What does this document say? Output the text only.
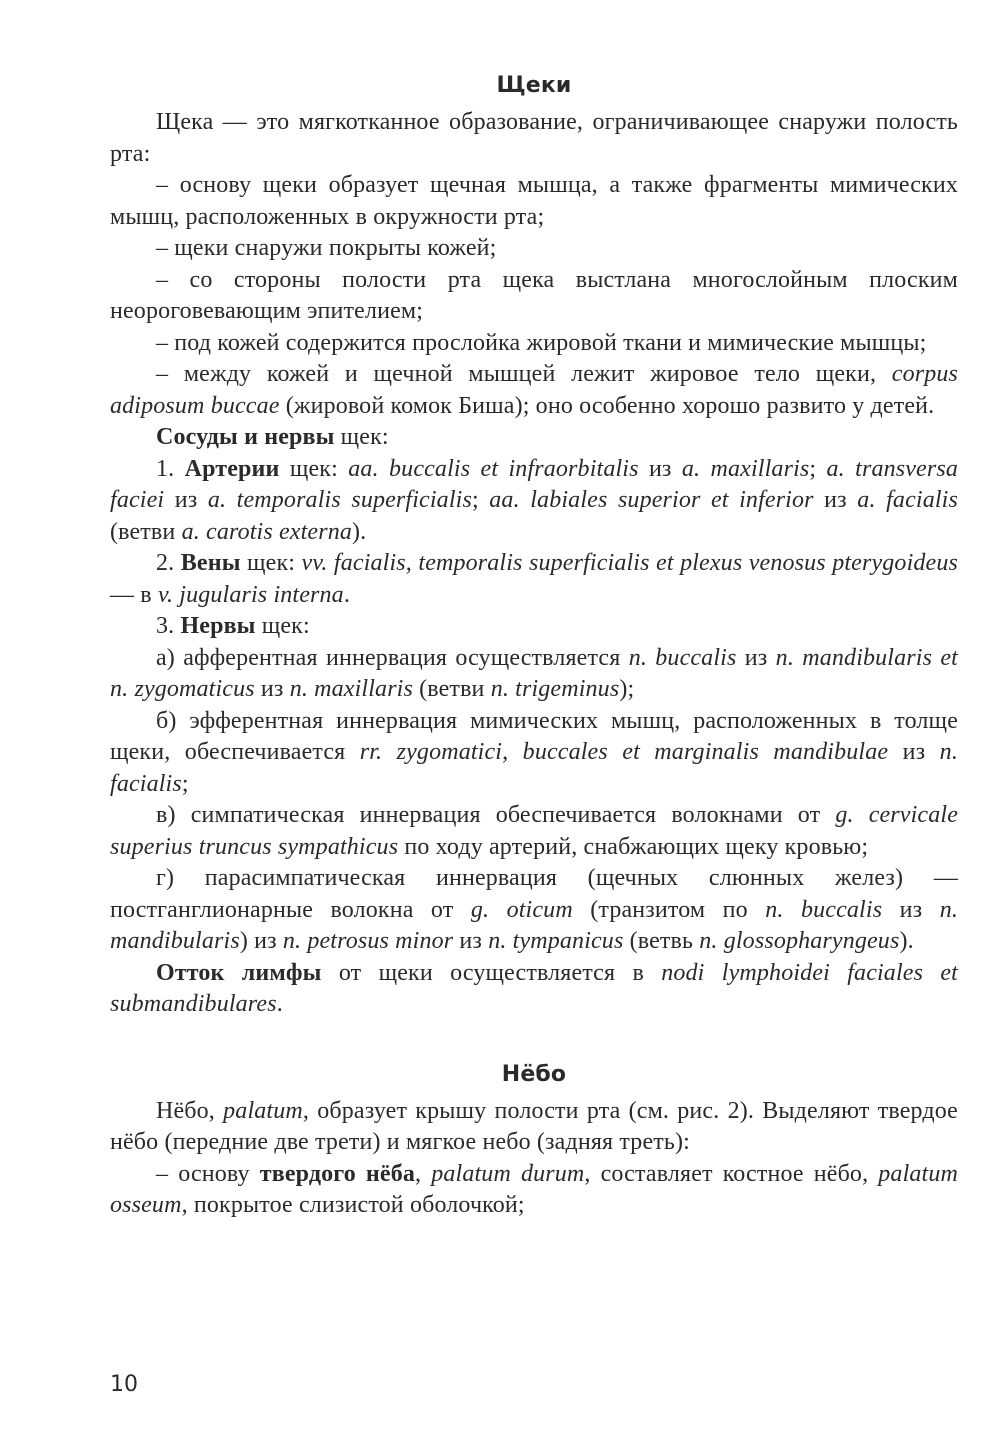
Щеки

Щека — это мягкотканное образование, ограничивающее снаружи полость рта:

– основу щеки образует щечная мышца, а также фрагменты мимических мышц, расположенных в окружности рта;

– щеки снаружи покрыты кожей;

– со стороны полости рта щека выстлана многослойным плоским неороговевающим эпителием;

– под кожей содержится прослойка жировой ткани и мимические мышцы;

– между кожей и щечной мышцей лежит жировое тело щеки, corpus adiposum buccae (жировой комок Биша); оно особенно хорошо развито у детей.

Сосуды и нервы щек:

1. Артерии щек: aa. buccalis et infraorbitalis из a. maxillaris; a. transversa faciei из a. temporalis superficialis; aa. labiales superior et inferior из a. facialis (ветви a. carotis externa).

2. Вены щек: vv. facialis, temporalis superficialis et plexus venosus pterygoideus — в v. jugularis interna.

3. Нервы щек:

а) афферентная иннервация осуществляется n. buccalis из n. mandibularis et n. zygomaticus из n. maxillaris (ветви n. trigeminus);

б) эфферентная иннервация мимических мышц, расположенных в толще щеки, обеспечивается rr. zygomatici, buccales et marginalis mandibulae из n. facialis;

в) симпатическая иннервация обеспечивается волокнами от g. cervicale superius truncus sympathicus по ходу артерий, снабжающих щеку кровью;

г) парасимпатическая иннервация (щечных слюнных желез) — постганглионарные волокна от g. oticum (транзитом по n. buccalis из n. mandibularis) из n. petrosus minor из n. tympanicus (ветвь n. glossopharyngeus).

Отток лимфы от щеки осуществляется в nodi lymphoidei faciales et submandibulares.

Нёбо

Нёбо, palatum, образует крышу полости рта (см. рис. 2). Выделяют твердое нёбо (передние две трети) и мягкое небо (задняя треть):

– основу твердого нёба, palatum durum, составляет костное нёбо, palatum osseum, покрытое слизистой оболочкой;

10
